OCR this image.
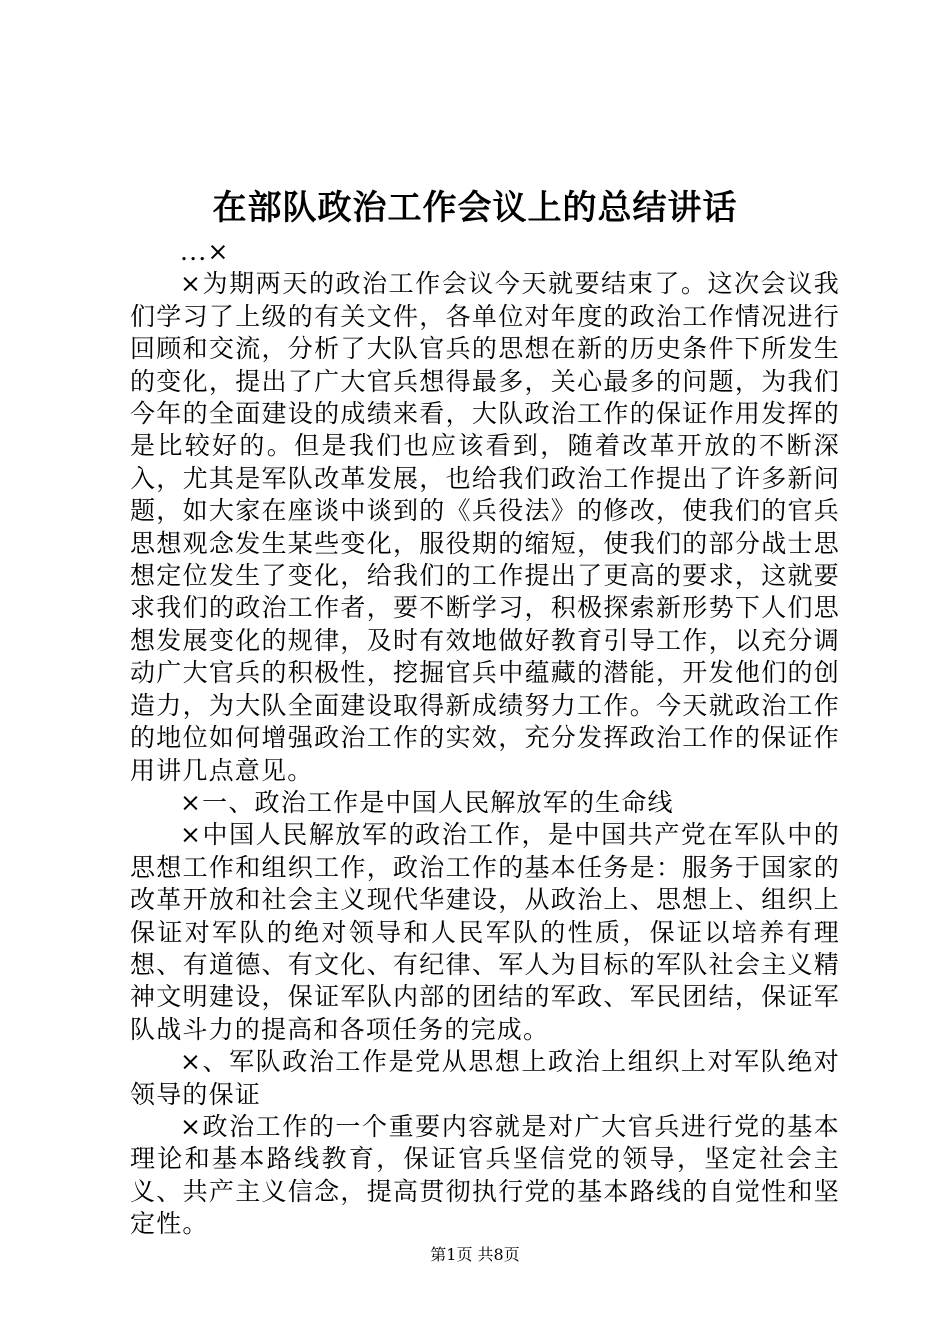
在部队政治工作会议上的总结讲话

...×

×为期两天的政治工作会议今天就要结束了。这次会议我们学习了上级的有关文件，各单位对年度的政治工作情况进行回顾和交流，分析了大队官兵的思想在新的历史条件下所发生的变化，提出了广大官兵想得最多，关心最多的问题，为我们今年的全面建设的成绩来看，大队政治工作的保证作用发挥的是比较好的。但是我们也应该看到，随着改革开放的不断深入，尤其是军队改革发展，也给我们政治工作提出了许多新问题，如大家在座谈中谈到的《兵役法》的修改，使我们的官兵思想观念发生某些变化，服役期的缩短，使我们的部分战士思想定位发生了变化，给我们的工作提出了更高的要求，这就要求我们的政治工作者，要不断学习，积极探索新形势下人们思想发展变化的规律，及时有效地做好教育引导工作，以充分调动广大官兵的积极性，挖掘官兵中蕴藏的潜能，开发他们的创造力，为大队全面建设取得新成绩努力工作。今天就政治工作的地位如何增强政治工作的实效，充分发挥政治工作的保证作用讲几点意见。

×一、政治工作是中国人民解放军的生命线

×中国人民解放军的政治工作，是中国共产党在军队中的思想工作和组织工作，政治工作的基本任务是：服务于国家的改革开放和社会主义现代华建设，从政治上、思想上、组织上保证对军队的绝对领导和人民军队的性质，保证以培养有理想、有道德、有文化、有纪律、军人为目标的军队社会主义精神文明建设，保证军队内部的团结的军政、军民团结，保证军队战斗力的提高和各项任务的完成。

×、军队政治工作是党从思想上政治上组织上对军队绝对领导的保证

×政治工作的一个重要内容就是对广大官兵进行党的基本理论和基本路线教育，保证官兵坚信党的领导，坚定社会主义、共产主义信念，提高贯彻执行党的基本路线的自觉性和坚定性。

第1页 共8页
